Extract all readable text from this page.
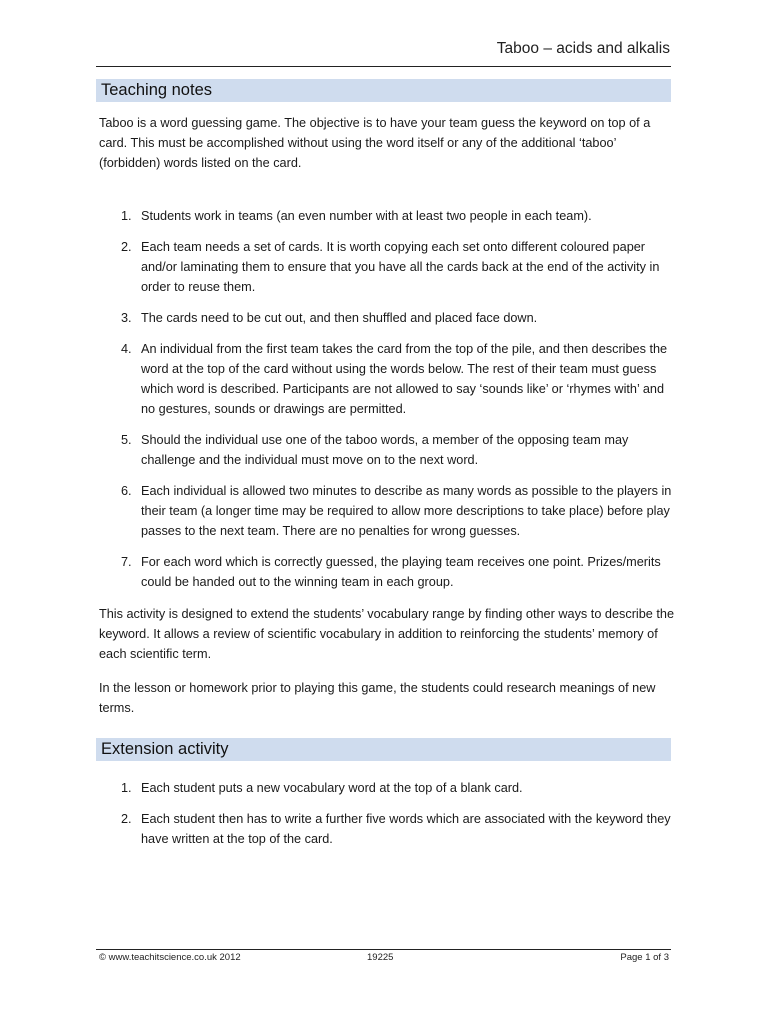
Taboo – acids and alkalis
Teaching notes

Taboo is a word guessing game. The objective is to have your team guess the keyword on top of a card. This must be accomplished without using the word itself or any of the additional ‘taboo’ (forbidden) words listed on the card.

1. Students work in teams (an even number with at least two people in each team).
2. Each team needs a set of cards. It is worth copying each set onto different coloured paper and/or laminating them to ensure that you have all the cards back at the end of the activity in order to reuse them.
3. The cards need to be cut out, and then shuffled and placed face down.
4. An individual from the first team takes the card from the top of the pile, and then describes the word at the top of the card without using the words below. The rest of their team must guess which word is described. Participants are not allowed to say ‘sounds like’ or ‘rhymes with’ and no gestures, sounds or drawings are permitted.
5. Should the individual use one of the taboo words, a member of the opposing team may challenge and the individual must move on to the next word.
6. Each individual is allowed two minutes to describe as many words as possible to the players in their team (a longer time may be required to allow more descriptions to take place) before play passes to the next team. There are no penalties for wrong guesses.
7. For each word which is correctly guessed, the playing team receives one point. Prizes/merits could be handed out to the winning team in each group.

This activity is designed to extend the students’ vocabulary range by finding other ways to describe the keyword. It allows a review of scientific vocabulary in addition to reinforcing the students’ memory of each scientific term.

In the lesson or homework prior to playing this game, the students could research meanings of new terms.

Extension activity
1. Each student puts a new vocabulary word at the top of a blank card.
2. Each student then has to write a further five words which are associated with the keyword they have written at the top of the card.
© www.teachitscience.co.uk 2012	19225	Page 1 of 3
